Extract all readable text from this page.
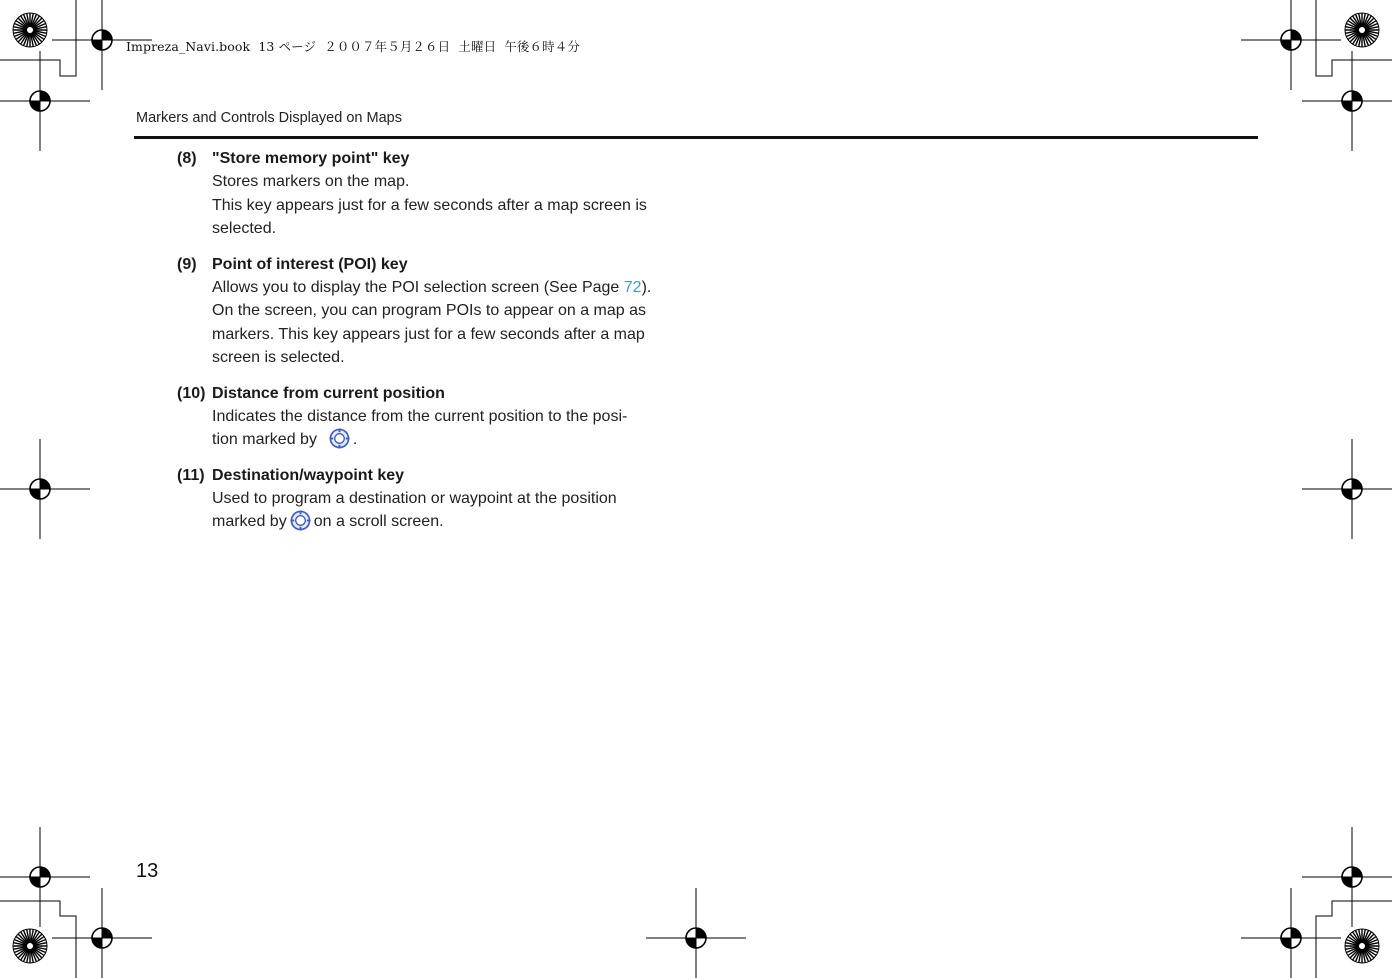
Impreza_Navi.book  13 ページ  ２００７年５月２６日  土曜日  午後６時４分
Markers and Controls Displayed on Maps
(8) "Store memory point" key
Stores markers on the map.
This key appears just for a few seconds after a map screen is
selected.
(9) Point of interest (POI) key
Allows you to display the POI selection screen (See Page 72).
On the screen, you can program POIs to appear on a map as
markers. This key appears just for a few seconds after a map
screen is selected.
(10) Distance from current position
Indicates the distance from the current position to the posi-
tion marked by .
(11) Destination/waypoint key
Used to program a destination or waypoint at the position
marked by on a scroll screen.
13
